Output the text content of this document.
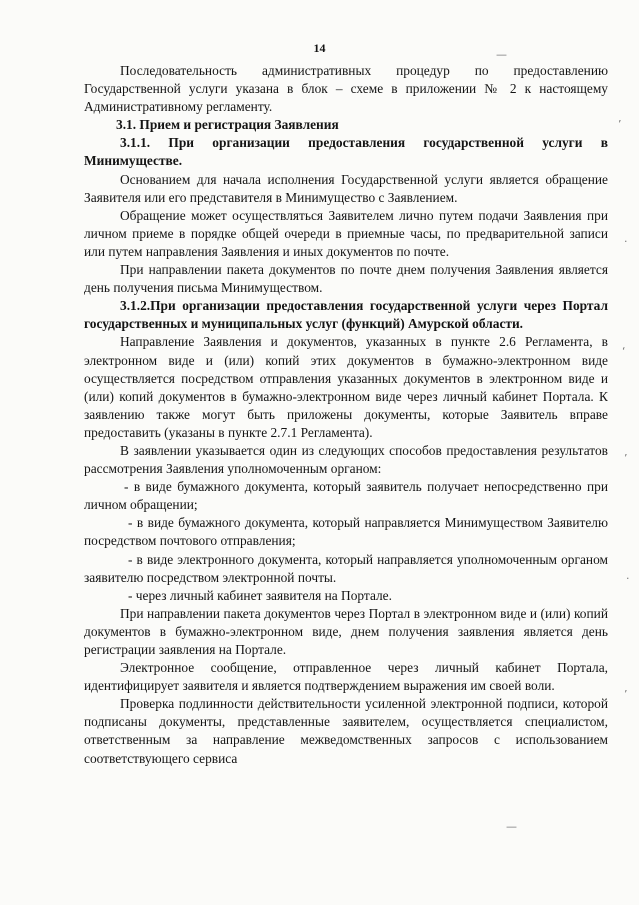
14

Последовательность административных процедур по предоставлению Государственной услуги указана в блок – схеме в приложении № 2 к настоящему Административному регламенту.

3.1. Прием и регистрация Заявления

3.1.1. При организации предоставления государственной услуги в Минимуществе.

Основанием для начала исполнения Государственной услуги является обращение Заявителя или его представителя в Минимущество с Заявлением.

Обращение может осуществляться Заявителем лично путем подачи Заявления при личном приеме в порядке общей очереди в приемные часы, по предварительной записи или путем направления Заявления и иных документов по почте.

При направлении пакета документов по почте днем получения Заявления является день получения письма Минимуществом.

3.1.2.При организации предоставления государственной услуги через Портал государственных и муниципальных услуг (функций) Амурской области.

Направление Заявления и документов, указанных в пункте 2.6 Регламента, в электронном виде и (или) копий этих документов в бумажно-электронном виде осуществляется посредством отправления указанных документов в электронном виде и (или) копий документов в бумажно-электронном виде через личный кабинет Портала. К заявлению также могут быть приложены документы, которые Заявитель вправе предоставить (указаны в пункте 2.7.1 Регламента).

В заявлении указывается один из следующих способов предоставления результатов рассмотрения Заявления уполномоченным органом:

- в виде бумажного документа, который заявитель получает непосредственно при личном обращении;

- в виде бумажного документа, который направляется Минимуществом Заявителю посредством почтового отправления;

- в виде электронного документа, который направляется уполномоченным органом заявителю посредством электронной почты.

- через личный кабинет заявителя на Портале.

При направлении пакета документов через Портал в электронном виде и (или) копий документов в бумажно-электронном виде, днем получения заявления является день регистрации заявления на Портале.

Электронное сообщение, отправленное через личный кабинет Портала, идентифицирует заявителя и является подтверждением выражения им своей воли.

Проверка подлинности действительности усиленной электронной подписи, которой подписаны документы, представленные заявителем, осуществляется специалистом, ответственным за направление межведомственных запросов с использованием соответствующего сервиса

—
’
·
‘
’
·
’
—
